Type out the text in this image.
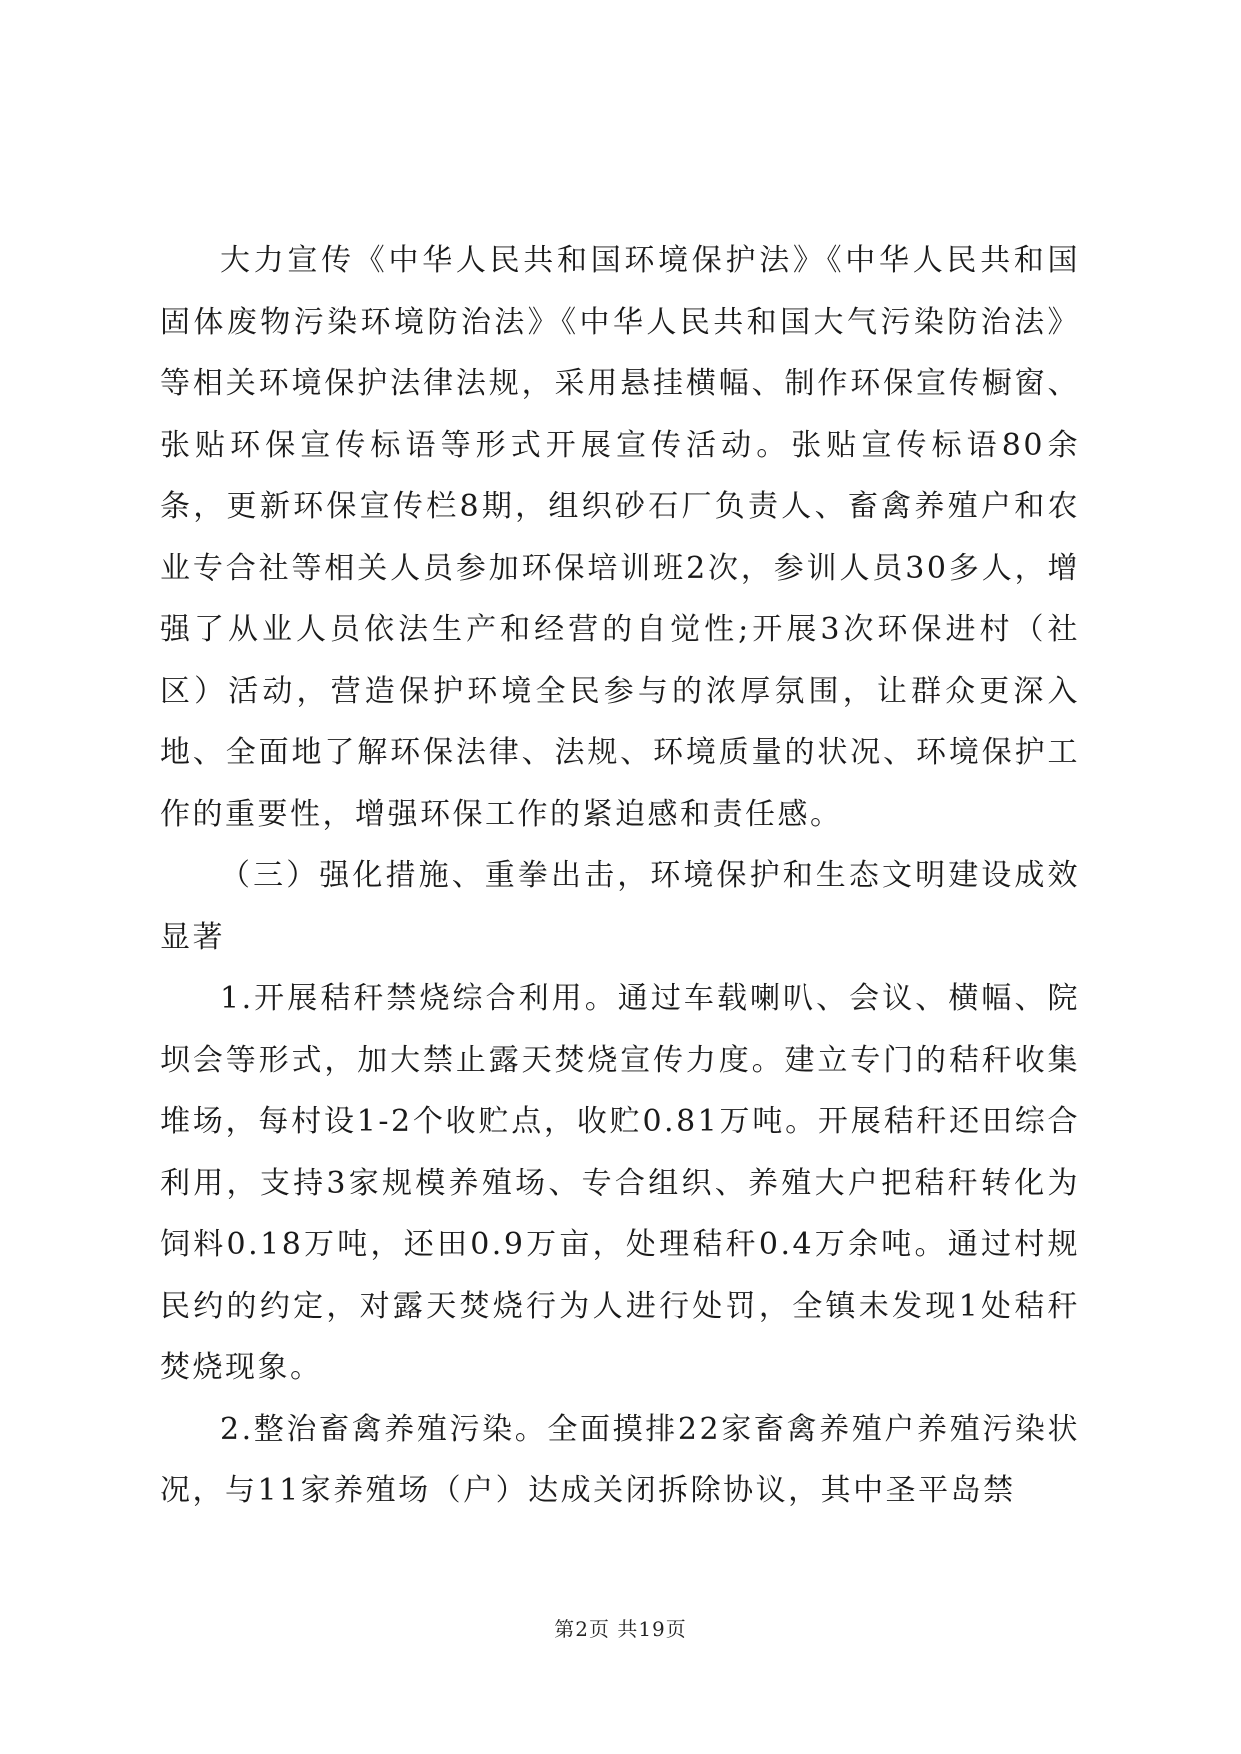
大力宣传《中华人民共和国环境保护法》《中华人民共和国固体废物污染环境防治法》《中华人民共和国大气污染防治法》等相关环境保护法律法规，采用悬挂横幅、制作环保宣传橱窗、张贴环保宣传标语等形式开展宣传活动。张贴宣传标语80余条，更新环保宣传栏8期，组织砂石厂负责人、畜禽养殖户和农业专合社等相关人员参加环保培训班2次，参训人员30多人，增强了从业人员依法生产和经营的自觉性;开展3次环保进村（社区）活动，营造保护环境全民参与的浓厚氛围，让群众更深入地、全面地了解环保法律、法规、环境质量的状况、环境保护工作的重要性，增强环保工作的紧迫感和责任感。

（三）强化措施、重拳出击，环境保护和生态文明建设成效显著

1.开展秸秆禁烧综合利用。通过车载喇叭、会议、横幅、院坝会等形式，加大禁止露天焚烧宣传力度。建立专门的秸秆收集堆场，每村设1-2个收贮点，收贮0.81万吨。开展秸秆还田综合利用，支持3家规模养殖场、专合组织、养殖大户把秸秆转化为饲料0.18万吨，还田0.9万亩，处理秸秆0.4万余吨。通过村规民约的约定，对露天焚烧行为人进行处罚，全镇未发现1处秸秆焚烧现象。

2.整治畜禽养殖污染。全面摸排22家畜禽养殖户养殖污染状况，与11家养殖场（户）达成关闭拆除协议，其中圣平岛禁

第2页 共19页
